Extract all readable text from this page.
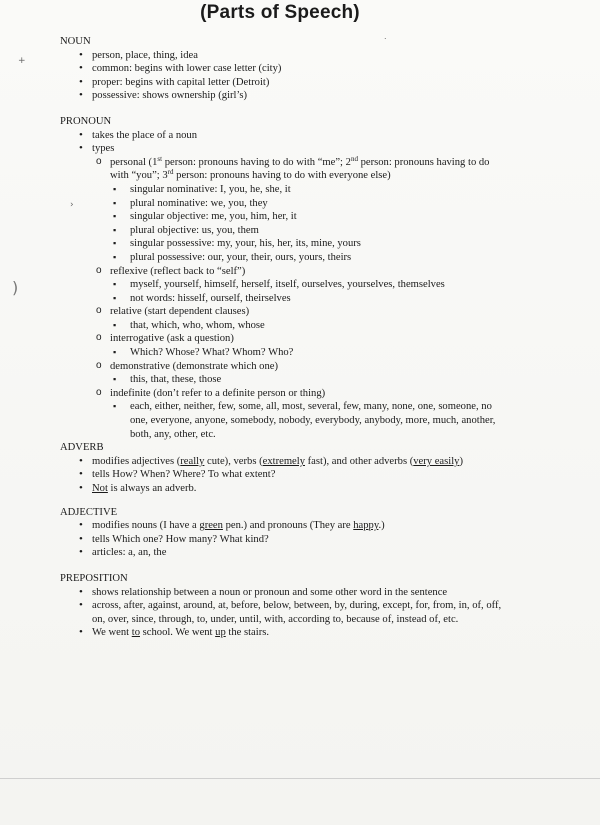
(Parts of Speech)
NOUN
• person, place, thing, idea
• common: begins with lower case letter (city)
• proper: begins with capital letter (Detroit)
• possessive: shows ownership (girl’s)
PRONOUN
• takes the place of a noun
• types
o personal (1st person: pronouns having to do with “me”; 2nd person: pronouns having to do with “you”; 3rd person: pronouns having to do with everyone else)
▪ singular nominative: I, you, he, she, it
▪ plural nominative: we, you, they
▪ singular objective: me, you, him, her, it
▪ plural objective: us, you, them
▪ singular possessive: my, your, his, her, its, mine, yours
▪ plural possessive: our, your, their, ours, yours, theirs
o reflexive (reflect back to “self”)
▪ myself, yourself, himself, herself, itself, ourselves, yourselves, themselves
▪ not words: hisself, ourself, theirselves
o relative (start dependent clauses)
▪ that, which, who, whom, whose
o interrogative (ask a question)
▪ Which? Whose? What? Whom? Who?
o demonstrative (demonstrate which one)
▪ this, that, these, those
o indefinite (don’t refer to a definite person or thing)
▪ each, either, neither, few, some, all, most, several, few, many, none, one, someone, no one, everyone, anyone, somebody, nobody, everybody, anybody, more, much, another, both, any, other, etc.
ADVERB
• modifies adjectives (really cute), verbs (extremely fast), and other adverbs (very easily)
• tells How? When? Where? To what extent?
• Not is always an adverb.
ADJECTIVE
• modifies nouns (I have a green pen.) and pronouns (They are happy.)
• tells Which one? How many? What kind?
• articles: a, an, the
PREPOSITION
• shows relationship between a noun or pronoun and some other word in the sentence
• across, after, against, around, at, before, below, between, by, during, except, for, from, in, of, off, on, over, since, through, to, under, until, with, according to, because of, instead of, etc.
• We went to school. We went up the stairs.
+
›
)
.
